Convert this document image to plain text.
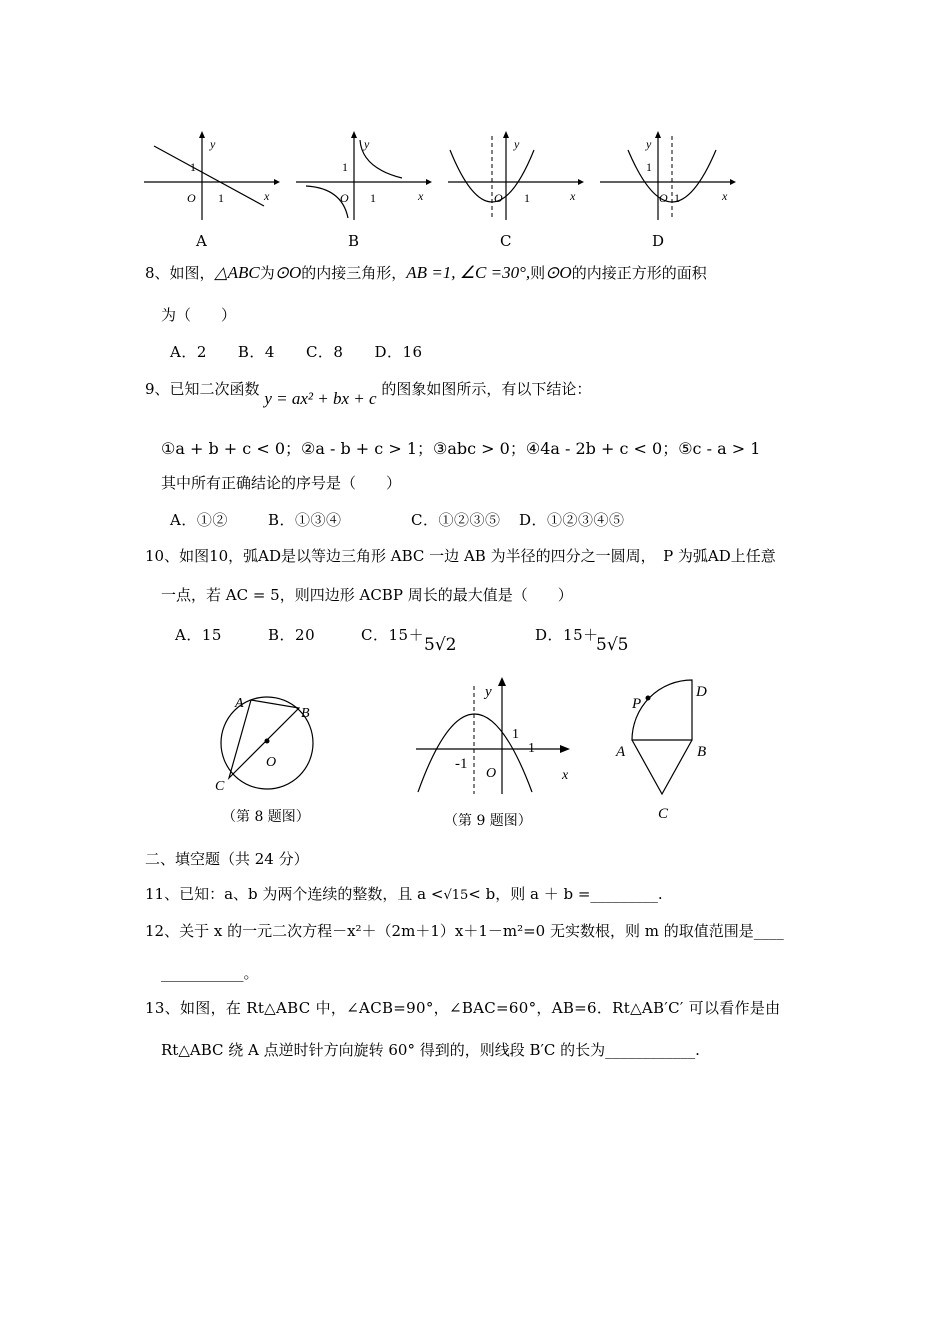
y
x
O 1
1
y
x
O 1
1
y
x
O 1
y
x
O 1
1
A	B	C	D
8、如图，△ABC为⊙O的内接三角形，AB =1, ∠C =30°,则⊙O的内接正方形的面积
为（　　）
A．2　　B．4　　C．8　　D．16
9、已知二次函数 y = ax² + bx + c 的图象如图所示，有以下结论：
①a + b + c < 0；②a - b + c > 1；③abc > 0；④4a - 2b + c < 0；⑤c - a > 1
其中所有正确结论的序号是（　　）
A．①②	B．①③④	C．①②③⑤ D．①②③④⑤
10、如图10，弧AD是以等边三角形 ABC 一边 AB 为半径的四分之一圆周，　P 为弧AD上任意
一点，若 AC = 5，则四边形 ACBP 周长的最大值是（　　）
A．15	B．20	C．15＋ 5√2	D．15＋
5√5
A
B
C
O
（第 8 题图）
y
x
O
1
1
-1
（第 9 题图）
P
D
A	B
C
二、填空题（共 24 分）
11、已知：a、b 为两个连续的整数，且 a <√15< b，则 a ＋ b =_________.
12、关于 x 的一元二次方程－x²＋（2m＋1）x＋1－m²=0 无实数根，则 m 的取值范围是____
___________。
13、如图，在 Rt△ABC 中，∠ACB=90°，∠BAC=60°，AB=6．Rt△AB′C′ 可以看作是由
Rt△ABC 绕 A 点逆时针方向旋转 60° 得到的，则线段 B′C 的长为____________.
